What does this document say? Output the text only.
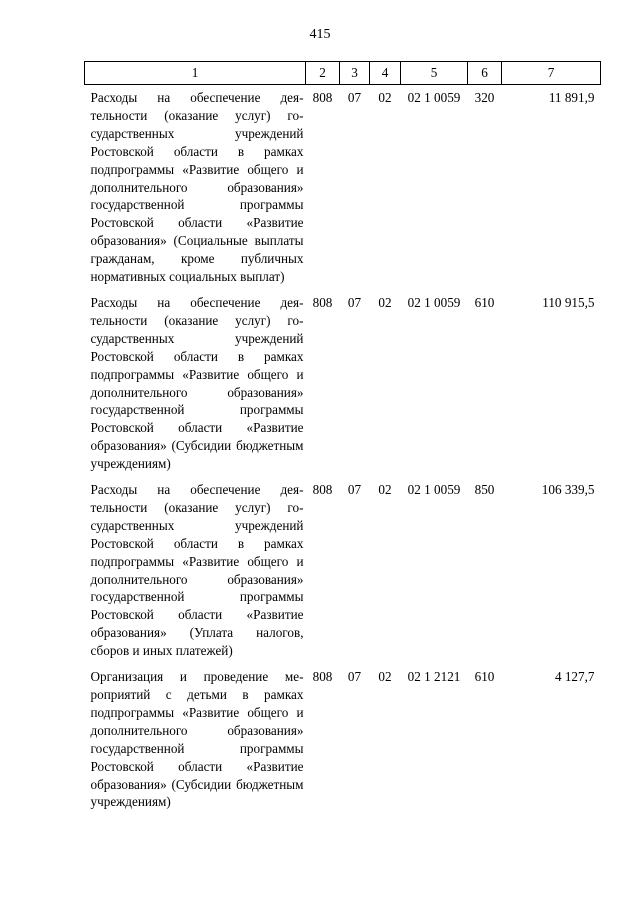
415
1	2	3	4	5	6	7
Расходы на обеспечение деятельности (оказание услуг) государственных учреждений Ростовской области в рамках подпрограммы «Развитие общего и дополнительного образования» государственной программы Ростовской области «Развитие образования» (Социальные выплаты гражданам, кроме публичных нормативных социальных выплат)	808	07	02	02 1 0059	320	11 891,9
Расходы на обеспечение деятельности (оказание услуг) государственных учреждений Ростовской области в рамках подпрограммы «Развитие общего и дополнительного образования» государственной программы Ростовской области «Развитие образования» (Субсидии бюджетным учреждениям)	808	07	02	02 1 0059	610	110 915,5
Расходы на обеспечение деятельности (оказание услуг) государственных учреждений Ростовской области в рамках подпрограммы «Развитие общего и дополнительного образования» государственной программы Ростовской области «Развитие образования» (Уплата налогов, сборов и иных платежей)	808	07	02	02 1 0059	850	106 339,5
Организация и проведение мероприятий с детьми в рамках подпрограммы «Развитие общего и дополнительного образования» государственной программы Ростовской области «Развитие образования» (Субсидии бюджетным учреждениям)	808	07	02	02 1 2121	610	4 127,7
